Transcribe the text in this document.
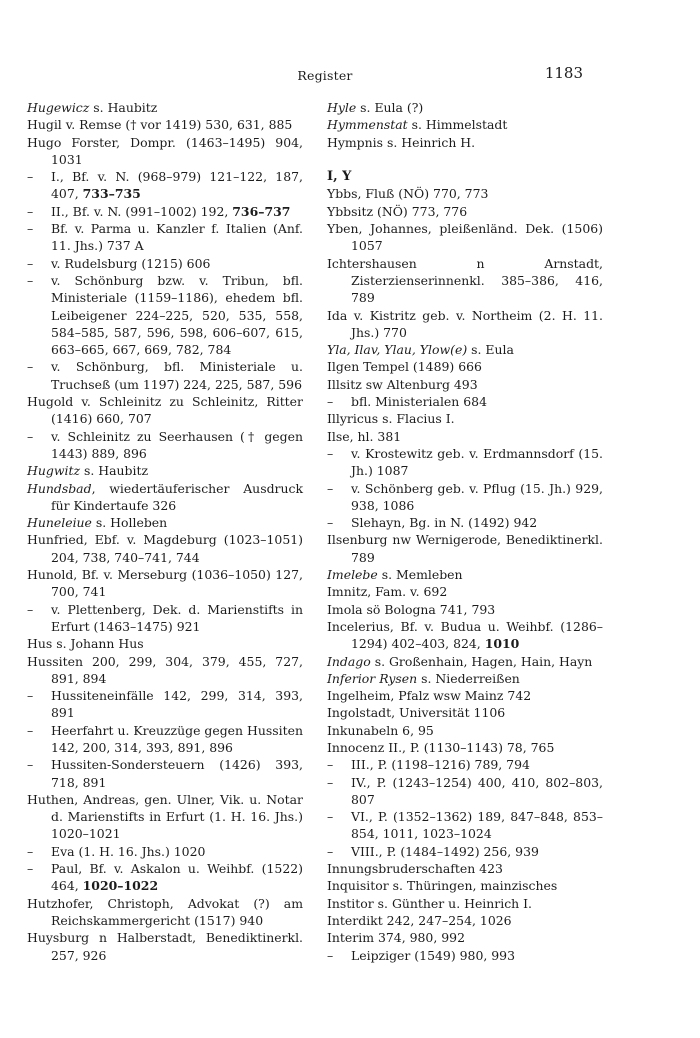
Register	1183

Hugewicz s. Haubitz

Hugil v. Remse († vor 1419) 530, 631, 885

Hugo Forster, Dompr. (1463–1495) 904, 1031

– I., Bf. v. N. (968–979) 121–122, 187, 407, 733–735

– II., Bf. v. N. (991–1002) 192, 736–737

– Bf. v. Parma u. Kanzler f. Italien (Anf. 11. Jhs.) 737 A

– v. Rudelsburg (1215) 606

– v. Schönburg bzw. v. Tribun, bfl. Ministeriale (1159–1186), ehedem bfl. Leibeigener 224–225, 520, 535, 558, 584–585, 587, 596, 598, 606–607, 615, 663–665, 667, 669, 782, 784

– v. Schönburg, bfl. Ministeriale u. Truchseß (um 1197) 224, 225, 587, 596

Hugold v. Schleinitz zu Schleinitz, Ritter (1416) 660, 707

– v. Schleinitz zu Seerhausen († gegen 1443) 889, 896

Hugwitz s. Haubitz

Hundsbad, wiedertäuferischer Ausdruck für Kindertaufe 326

Huneleiue s. Holleben

Hunfried, Ebf. v. Magdeburg (1023–1051) 204, 738, 740–741, 744

Hunold, Bf. v. Merseburg (1036–1050) 127, 700, 741

– v. Plettenberg, Dek. d. Marienstifts in Erfurt (1463–1475) 921

Hus s. Johann Hus

Hussiten 200, 299, 304, 379, 455, 727, 891, 894

– Hussiteneinfälle 142, 299, 314, 393, 891

– Heerfahrt u. Kreuzzüge gegen Hussiten 142, 200, 314, 393, 891, 896

– Hussiten-Sondersteuern (1426) 393, 718, 891

Huthen, Andreas, gen. Ulner, Vik. u. Notar d. Marienstifts in Erfurt (1. H. 16. Jhs.) 1020–1021

– Eva (1. H. 16. Jhs.) 1020

– Paul, Bf. v. Askalon u. Weihbf. (1522) 464, 1020–1022

Hutzhofer, Christoph, Advokat (?) am Reichskammergericht (1517) 940

Huysburg n Halberstadt, Benediktinerkl. 257, 926

Hyle s. Eula (?)

Hymmenstat s. Himmelstadt

Hympnis s. Heinrich H.

I, Y

Ybbs, Fluß (NÖ) 770, 773

Ybbsitz (NÖ) 773, 776

Yben, Johannes, pleißenländ. Dek. (1506) 1057

Ichtershausen n Arnstadt, Zisterzienserinnenkl. 385–386, 416, 789

Ida v. Kistritz geb. v. Northeim (2. H. 11. Jhs.) 770

Yla, Ilav, Ylau, Ylow(e) s. Eula

Ilgen Tempel (1489) 666

Illsitz sw Altenburg 493

– bfl. Ministerialen 684

Illyricus s. Flacius I.

Ilse, hl. 381

– v. Krostewitz geb. v. Erdmannsdorf (15. Jh.) 1087

– v. Schönberg geb. v. Pflug (15. Jh.) 929, 938, 1086

– Slehayn, Bg. in N. (1492) 942

Ilsenburg nw Wernigerode, Benediktinerkl. 789

Imelebe s. Memleben

Imnitz, Fam. v. 692

Imola sö Bologna 741, 793

Incelerius, Bf. v. Budua u. Weihbf. (1286–1294) 402–403, 824, 1010

Indago s. Großenhain, Hagen, Hain, Hayn

Inferior Rysen s. Niederreißen

Ingelheim, Pfalz wsw Mainz 742

Ingolstadt, Universität 1106

Inkunabeln 6, 95

Innocenz II., P. (1130–1143) 78, 765

– III., P. (1198–1216) 789, 794

– IV., P. (1243–1254) 400, 410, 802–803, 807

– VI., P. (1352–1362) 189, 847–848, 853–854, 1011, 1023–1024

– VIII., P. (1484–1492) 256, 939

Innungsbruderschaften 423

Inquisitor s. Thüringen, mainzisches

Institor s. Günther u. Heinrich I.

Interdikt 242, 247–254, 1026

Interim 374, 980, 992

– Leipziger (1549) 980, 993
